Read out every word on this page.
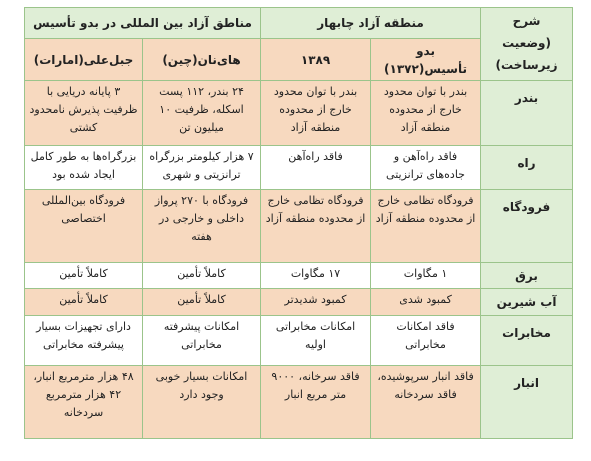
شرح
(وضعیت زیرساخت)	منطقه آزاد چابهار		مناطق آزاد بین المللی در بدو تأسیس	
	بدو تأسیس(۱۳۷۲)	۱۳۸۹	های‌نان(چین)	جبل‌علی(امارات)
بندر	بندر با توان محدود خارج از محدوده منطقه آزاد	بندر با توان محدود خارج از محدوده منطقه آزاد	۲۴ بندر، ۱۱۲ پست اسکله، ظرفیت ۱۰ میلیون تن	۳ پایانه دریایی با ظرفیت پذیرش نامحدود کشتی
راه	فاقد راه‌آهن و جاده‌های ترانزیتی	فاقد راه‌آهن	۷ هزار کیلومتر بزرگراه ترانزیتی و شهری	بزرگراه‌ها به طور کامل ایجاد شده بود
فرودگاه	فرودگاه تظامی خارج از محدوده منطقه آزاد	فرودگاه تظامی خارج از محدوده منطقه آزاد	فرودگاه با ۲۷۰ پرواز داخلی و خارجی در هفته	فرودگاه بین‌المللی اختصاصی
برق	۱ مگاوات	۱۷ مگاوات	کاملاً تأمین	کاملاً تأمین
آب شیرین	کمبود شدی	کمبود شدیدتر	کاملاً تأمین	کاملاً تأمین
مخابرات	فاقد امکانات مخابراتی	امکانات مخابراتی اولیه	امکانات پیشرفته مخابراتی	دارای تجهیزات بسیار پیشرفته مخابراتی
انبار	فاقد انبار سرپوشیده، فاقد سردخانه	فاقد سرخانه، ۹۰۰۰ متر مربع انبار	امکانات بسیار خوبی وجود دارد	۴۸ هزار مترمربع انبار، ۴۲ هزار مترمربع سردخانه
